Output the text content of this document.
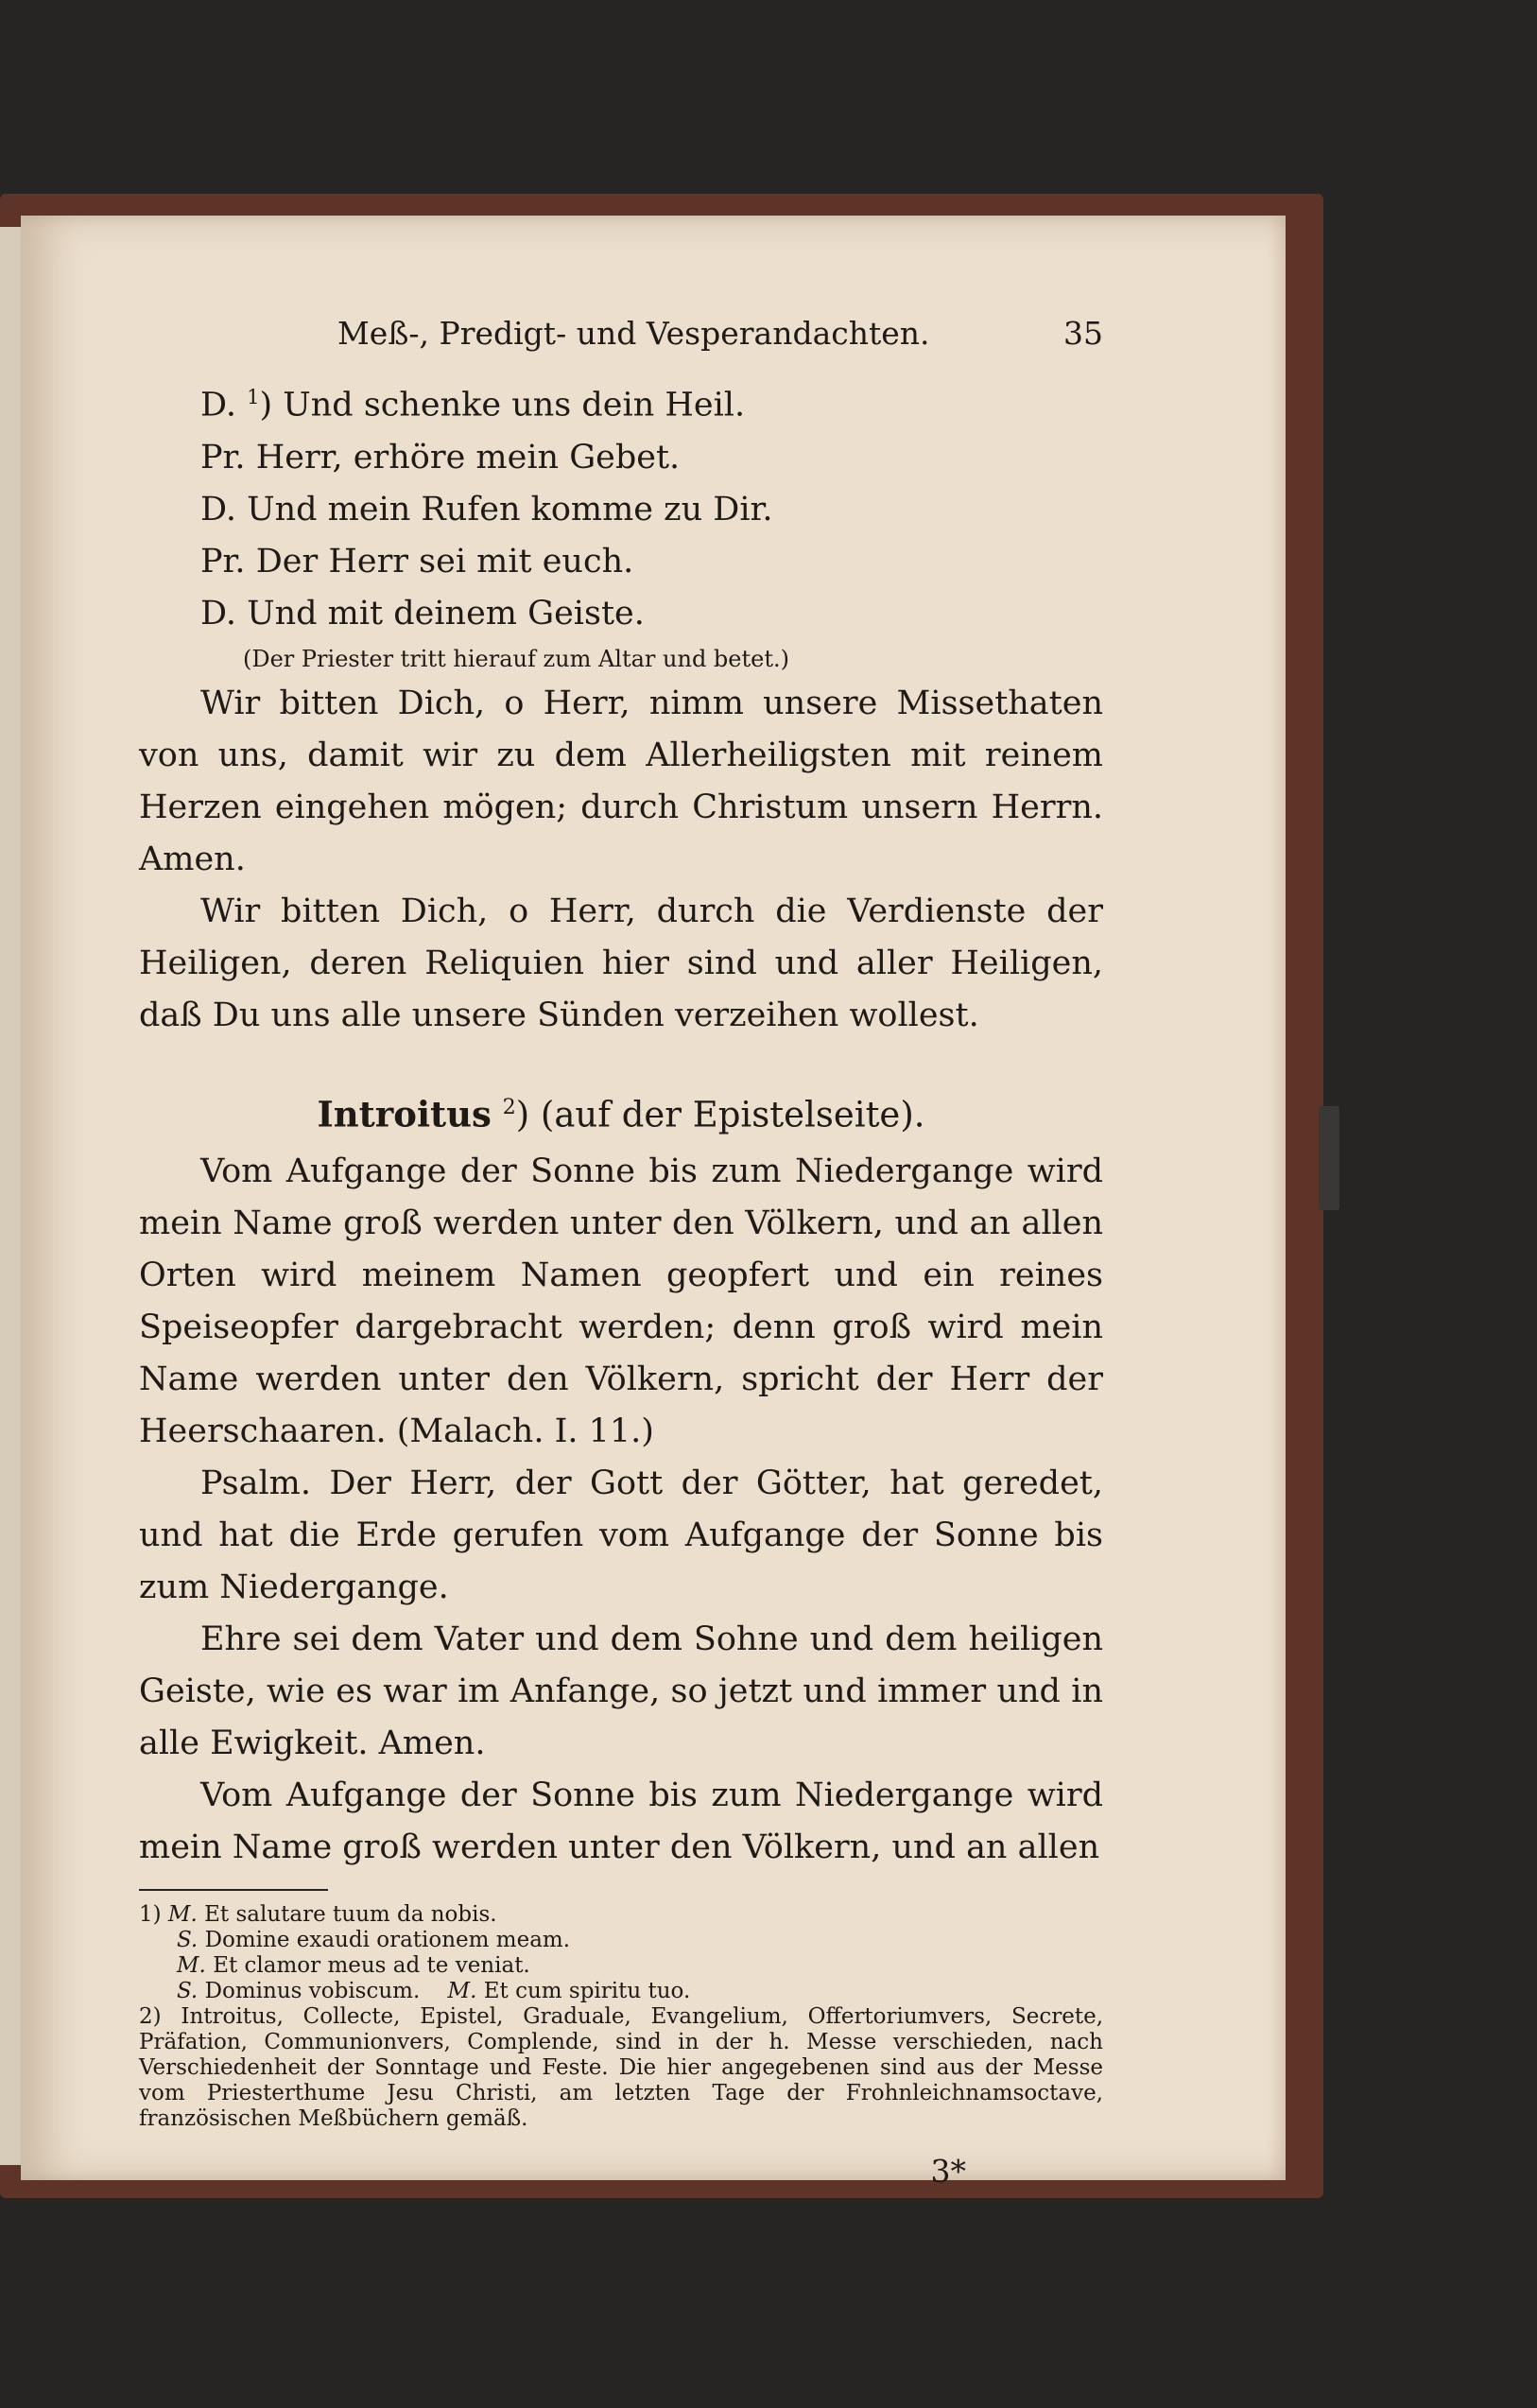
Meß-, Predigt- und Vesperandachten.	35
D. $^1$) Und schenke uns dein Heil.
Pr. Herr, erhöre mein Gebet.
D. Und mein Rufen komme zu Dir.
Pr. Der Herr sei mit euch.
D. Und mit deinem Geiste.
(Der Priester tritt hierauf zum Altar und betet.)
Wir bitten Dich, o Herr, nimm unsere Missethaten von uns, damit wir zu dem Allerheiligsten mit reinem Herzen eingehen mögen; durch Christum unsern Herrn. Amen.
Wir bitten Dich, o Herr, durch die Verdienste der Heiligen, deren Reliquien hier sind und aller Heiligen, daß Du uns alle unsere Sünden verzeihen wollest.
Introitus $^2$) (auf der Epistelseite).
Vom Aufgange der Sonne bis zum Niedergange wird mein Name groß werden unter den Völkern, und an allen Orten wird meinem Namen geopfert und ein reines Speiseopfer dargebracht werden; denn groß wird mein Name werden unter den Völkern, spricht der Herr der Heerschaaren. (Malach. I. 11.)
Psalm. Der Herr, der Gott der Götter, hat geredet, und hat die Erde gerufen vom Aufgange der Sonne bis zum Niedergange.
Ehre sei dem Vater und dem Sohne und dem heiligen Geiste, wie es war im Anfange, so jetzt und immer und in alle Ewigkeit. Amen.
Vom Aufgange der Sonne bis zum Niedergange wird mein Name groß werden unter den Völkern, und an allen
1) M. Et salutare tuum da nobis.
S. Domine exaudi orationem meam.
M. Et clamor meus ad te veniat.
S. Dominus vobiscum. M. Et cum spiritu tuo.
2) Introitus, Collecte, Epistel, Graduale, Evangelium, Offertoriumvers, Secrete, Präfation, Communionvers, Complende, sind in der h. Messe verschieden, nach Verschiedenheit der Sonntage und Feste. Die hier angegebenen sind aus der Messe vom Priesterthume Jesu Christi, am letzten Tage der Frohnleichnamsoctave, französischen Meßbüchern gemäß.
3*
